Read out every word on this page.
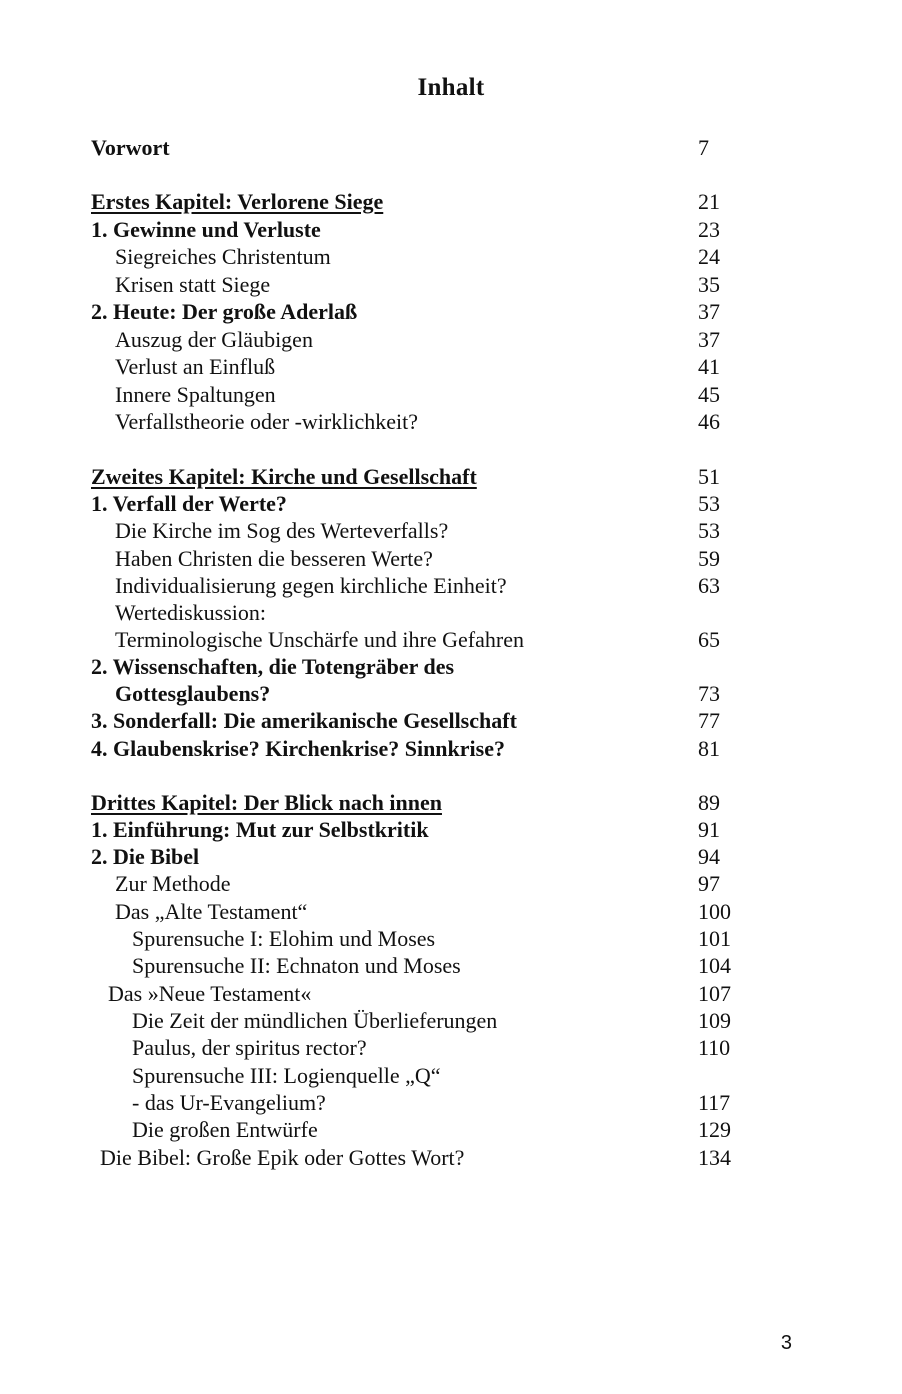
Inhalt
Vorwort	7
Erstes Kapitel: Verlorene Siege	21
1. Gewinne und Verluste	23
Siegreiches Christentum	24
Krisen statt Siege	35
2. Heute: Der große Aderlaß	37
Auszug der Gläubigen	37
Verlust an Einfluß	41
Innere Spaltungen	45
Verfallstheorie oder -wirklichkeit?	46
Zweites Kapitel: Kirche und Gesellschaft	51
1. Verfall der Werte?	53
Die Kirche im Sog des Werteverfalls?	53
Haben Christen die besseren Werte?	59
Individualisierung gegen kirchliche Einheit?	63
Wertediskussion:
Terminologische Unschärfe und ihre Gefahren	65
2. Wissenschaften, die Totengräber des
Gottesglaubens?	73
3. Sonderfall: Die amerikanische Gesellschaft	77
4. Glaubenskrise? Kirchenkrise? Sinnkrise?	81
Drittes Kapitel: Der Blick nach innen	89
1. Einführung: Mut zur Selbstkritik	91
2. Die Bibel	94
Zur Methode	97
Das „Alte Testament“	100
Spurensuche I: Elohim und Moses	101
Spurensuche II: Echnaton und Moses	104
Das »Neue Testament«	107
Die Zeit der mündlichen Überlieferungen	109
Paulus, der spiritus rector?	110
Spurensuche III: Logienquelle „Q“
- das Ur-Evangelium?	117
Die großen Entwürfe	129
Die Bibel: Große Epik oder Gottes Wort?	134
3
